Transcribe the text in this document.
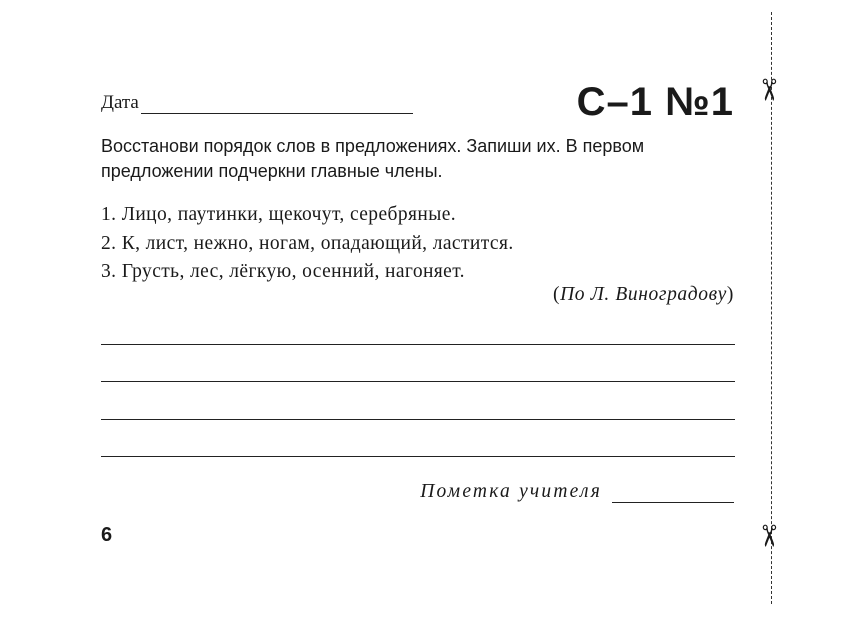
Дата	С–1 №1
Восстанови порядок слов в предложениях. Запиши их. В первом предложении подчеркни главные члены.
1. Лицо, паутинки, щекочут, серебряные.
2. К, лист, нежно, ногам, опадающий, ластится.
3. Грусть, лес, лёгкую, осенний, нагоняет.
(По Л. Виноградову)
Пометка учителя
6
✂
✂
